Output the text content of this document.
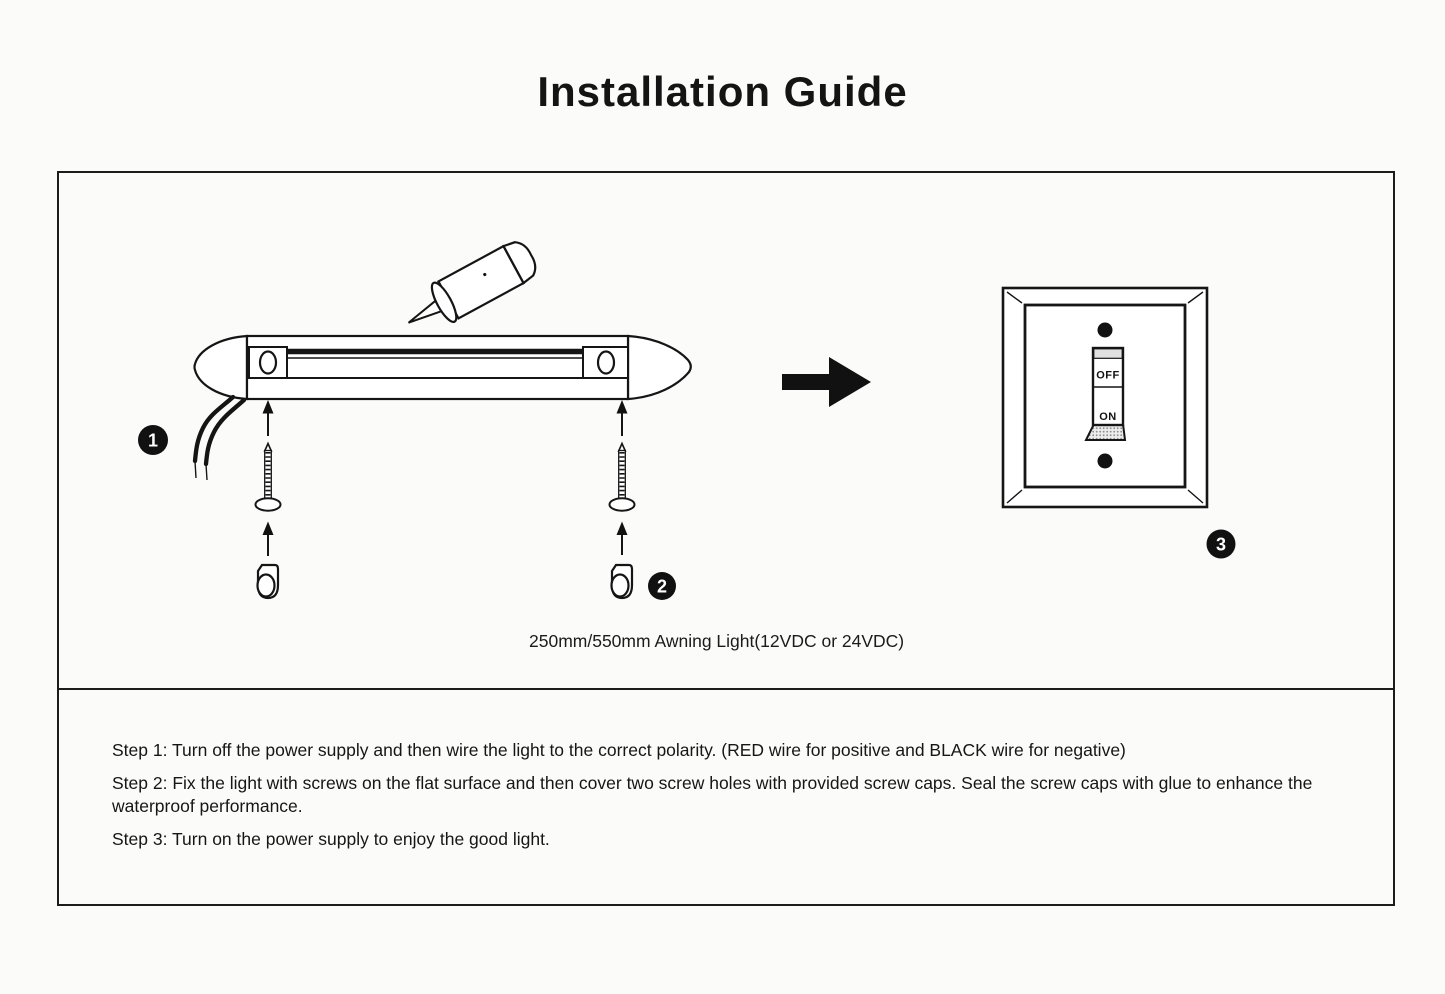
Installation Guide
250mm/550mm Awning Light(12VDC or 24VDC)

Step 1: Turn off the power supply and then wire the light to the correct polarity. (RED wire for positive and BLACK wire for negative)

Step 2: Fix the light with screws on the flat surface and then cover two screw holes with provided screw caps. Seal the screw caps with glue to enhance the waterproof performance.

Step 3: Turn on the power supply to enjoy the good light.

OFF
ON
1
2
3
